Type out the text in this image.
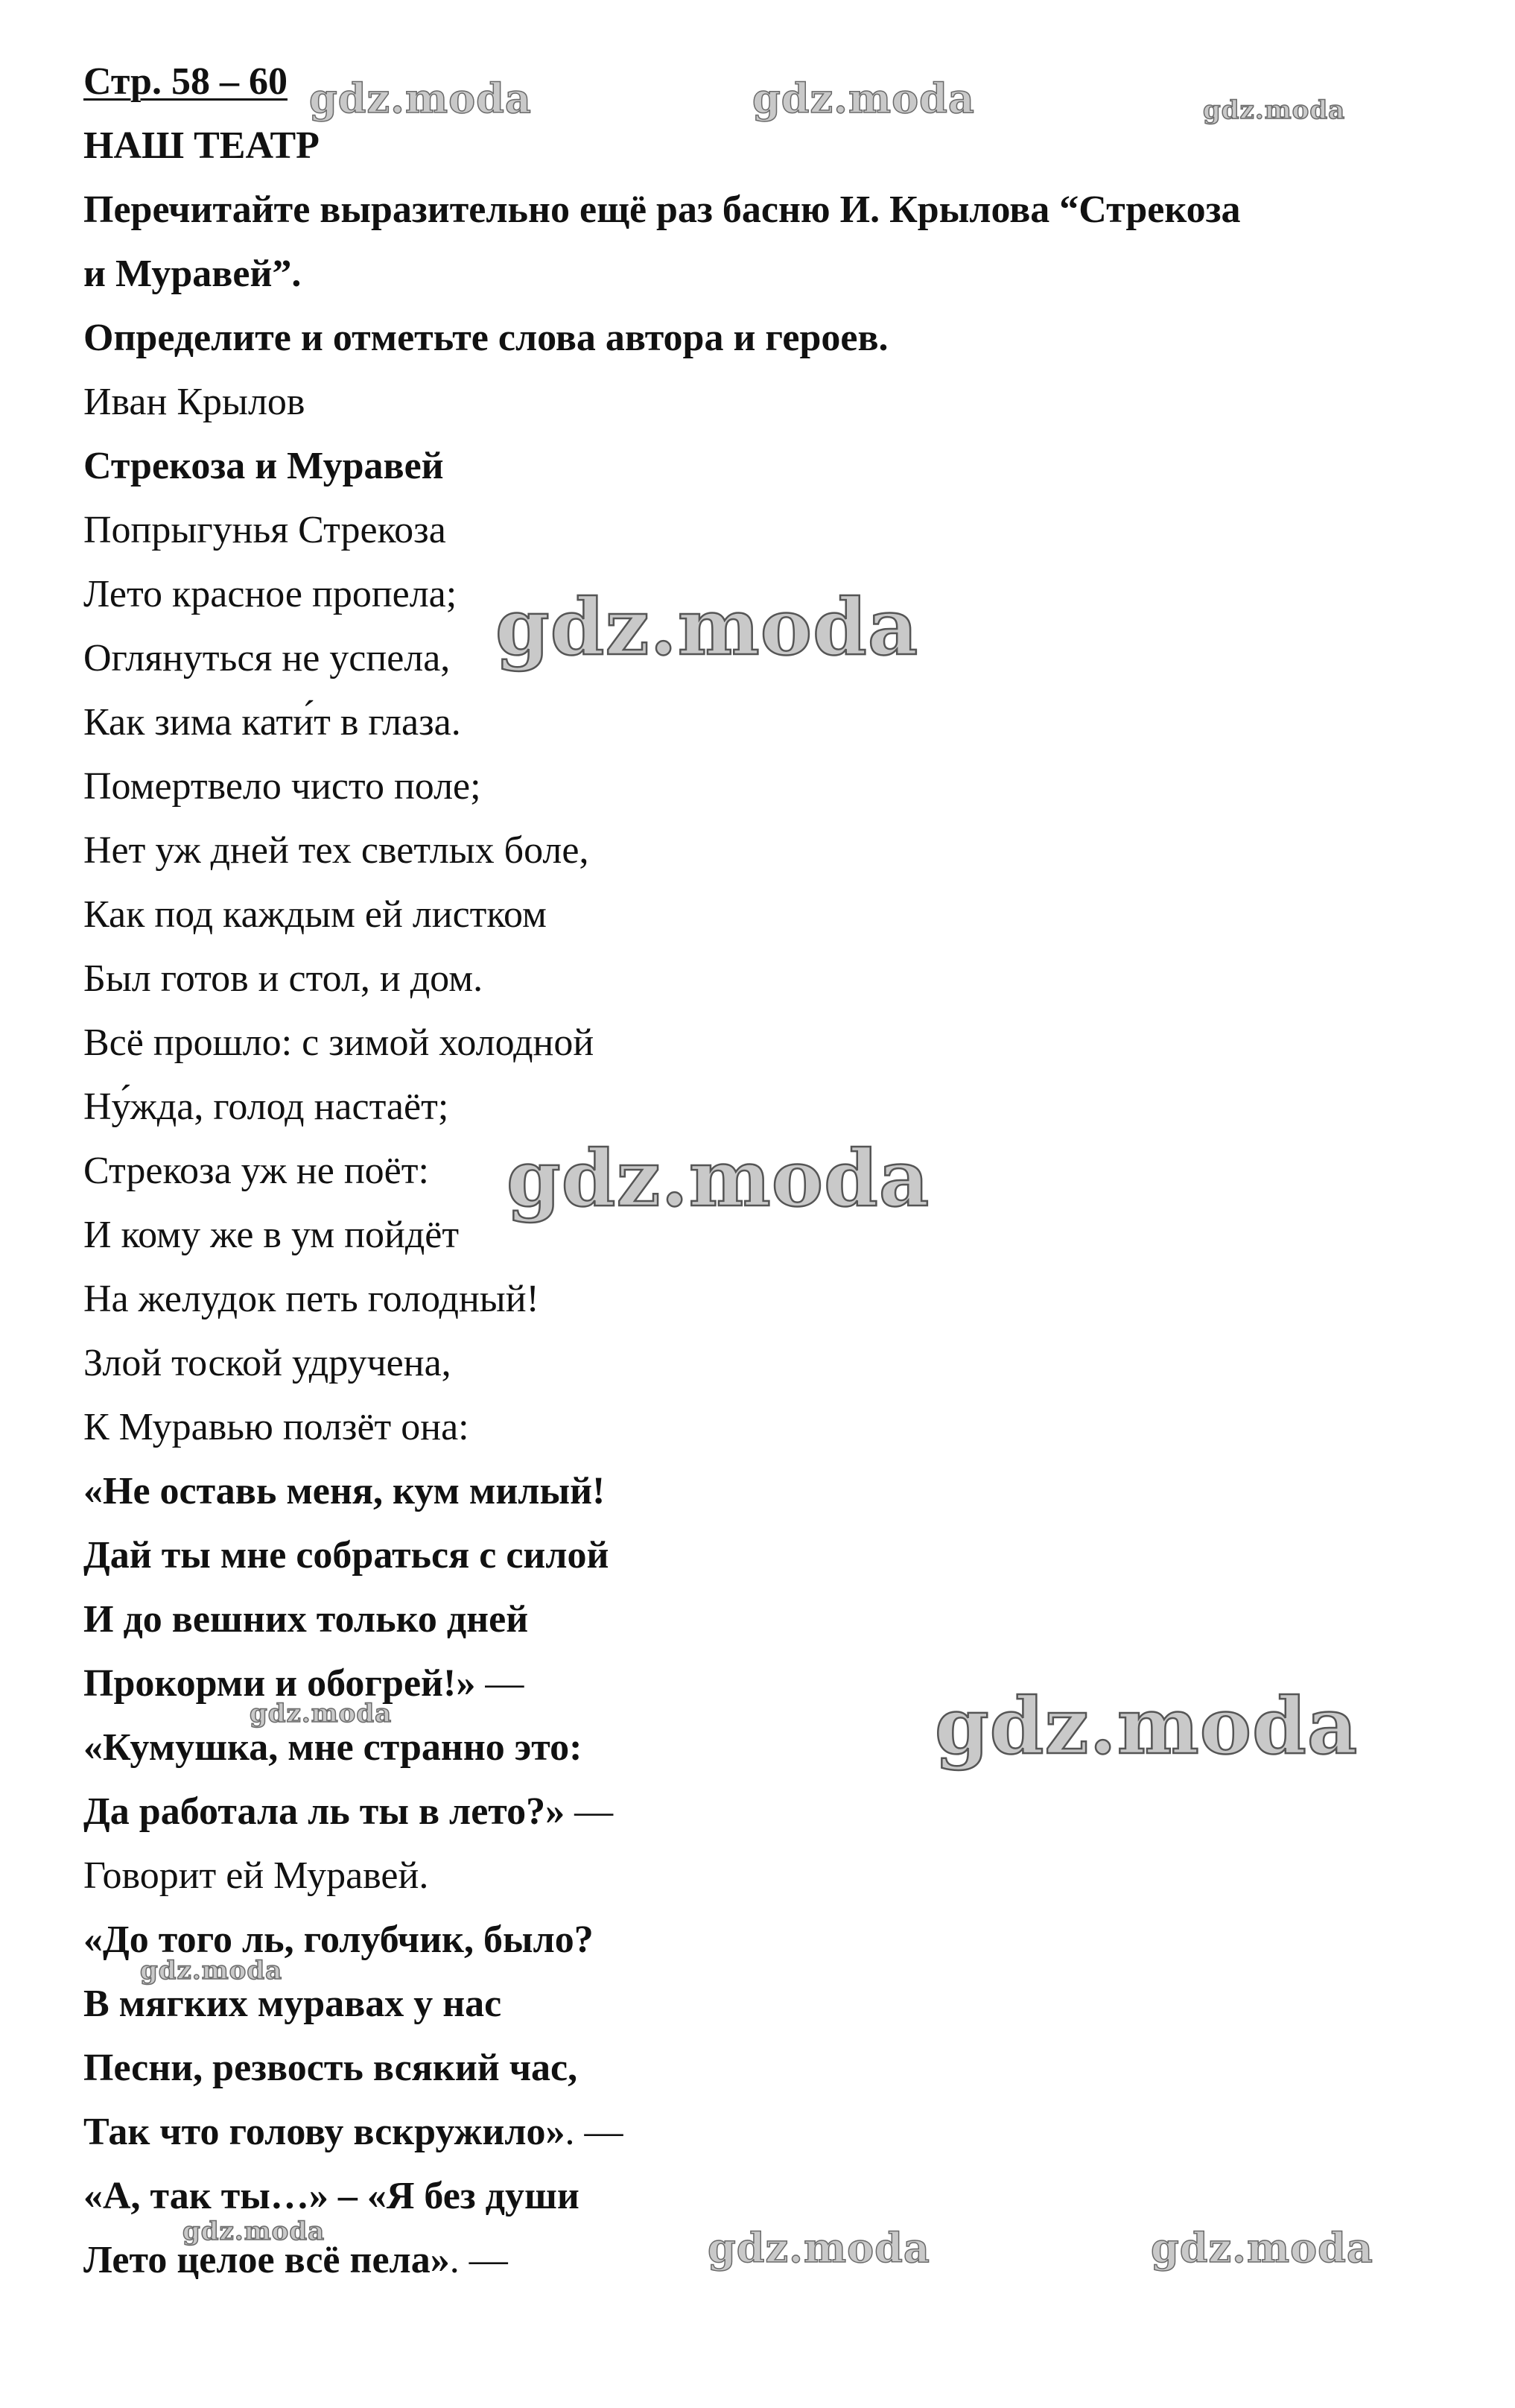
Стр. 58 – 60
НАШ ТЕАТР
Перечитайте выразительно ещё раз басню И. Крылова “Стрекоза
и Муравей”.
Определите и отметьте слова автора и героев.
Иван Крылов
Стрекоза и Муравей
Попрыгунья Стрекоза
Лето красное пропела;
Оглянуться не успела,
Как зима кати́т в глаза.
Помертвело чисто поле;
Нет уж дней тех светлых боле,
Как под каждым ей листком
Был готов и стол, и дом.
Всё прошло: с зимой холодной
Ну́жда, голод настаёт;
Стрекоза уж не поёт:
И кому же в ум пойдёт
На желудок петь голодный!
Злой тоской удручена,
К Муравью ползёт она:
«Не оставь меня, кум милый!
Дай ты мне собраться с силой
И до вешних только дней
Прокорми и обогрей!» —
«Кумушка, мне странно это:
Да работала ль ты в лето?» —
Говорит ей Муравей.
«До того ль, голубчик, было?
В мягких муравах у нас
Песни, резвость всякий час,
Так что голову вскружило». —
«А, так ты…» – «Я без души
Лето целое всё пела». —
gdz.moda	gdz.moda	gdz.moda
gdz.moda
gdz.moda
gdz.moda
gdz.moda
gdz.moda
gdz.moda	gdz.moda	gdz.moda
